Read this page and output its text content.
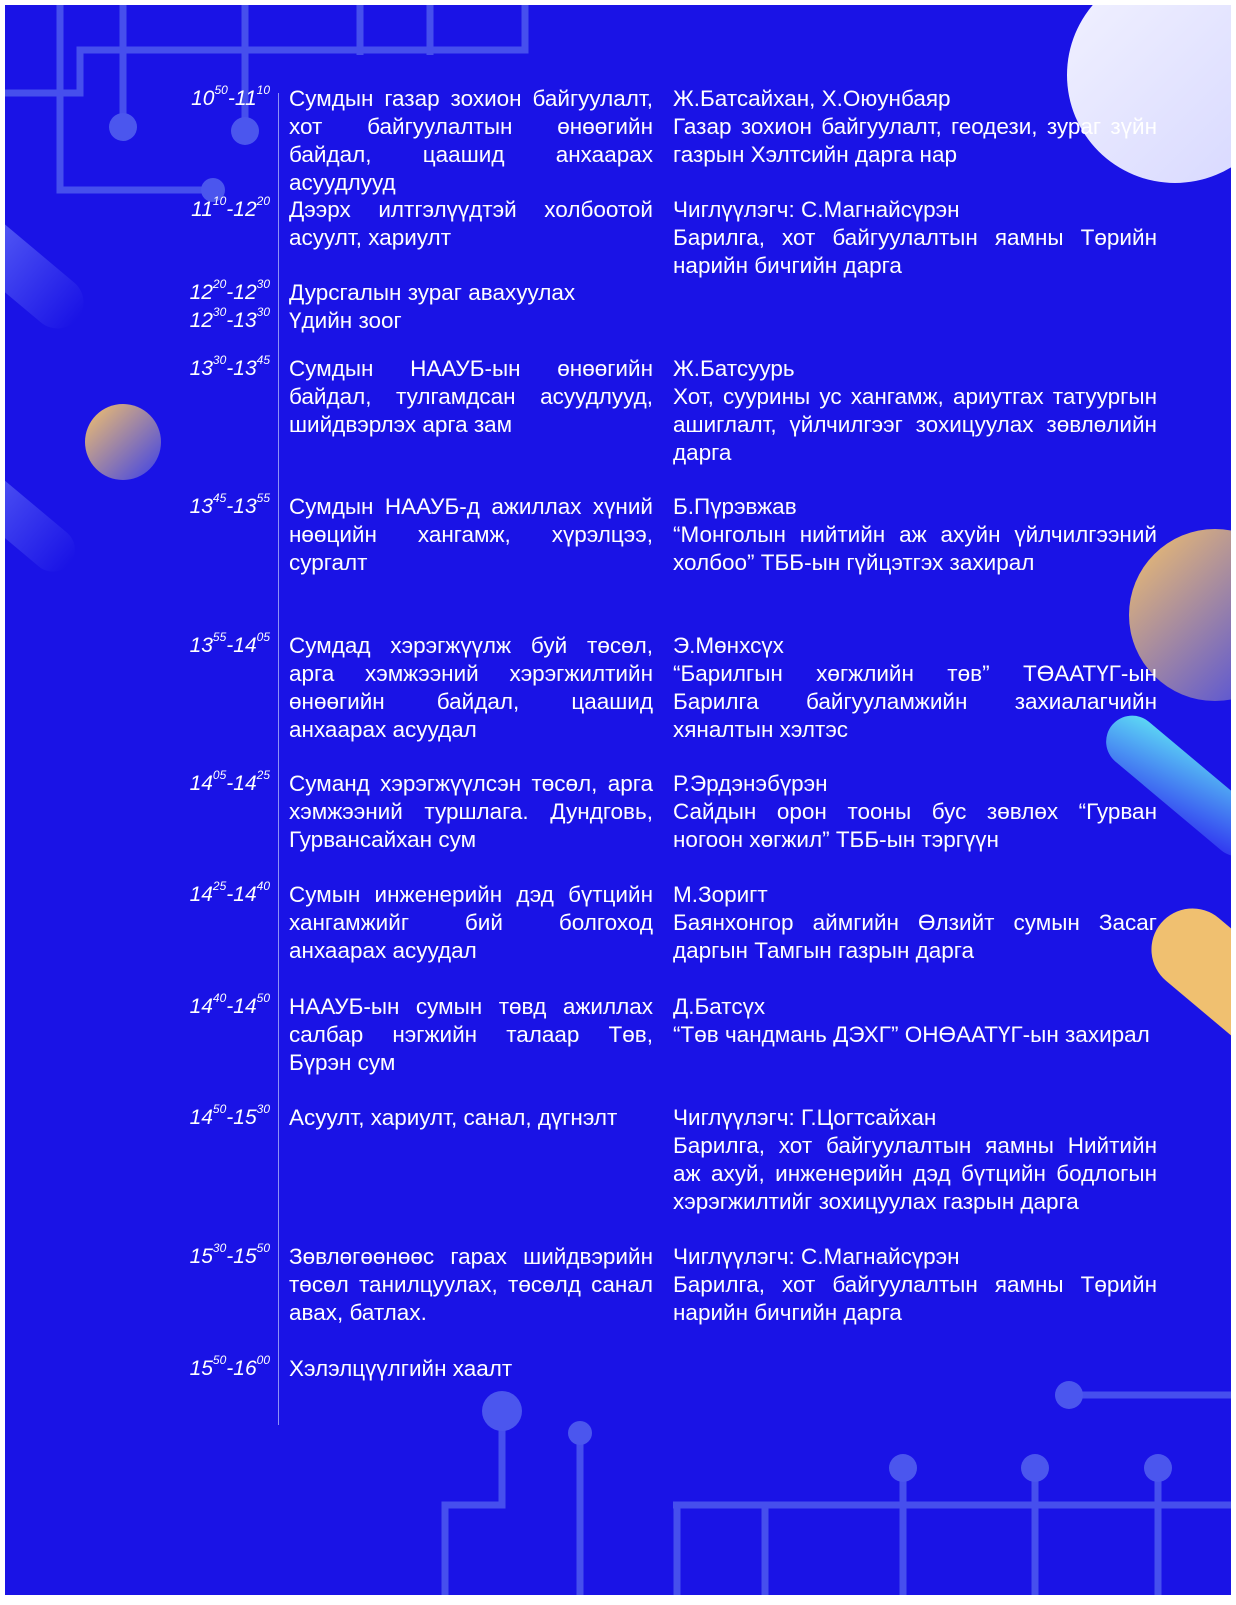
$10^{50}-11^{10}$ Сумдын газар зохион байгуулалт, хот байгуулалтын өнөөгийн байдал, цаашид анхаарах асуудлууд
Ж.Батсайхан, Х.Оюунбаяр
Газар зохион байгуулалт, геодези, зураг зүйн газрын Хэлтсийн дарга нар
$11^{10}-12^{20}$ Дээрх илтгэлүүдтэй холбоотой асуулт, хариулт
Чиглүүлэгч: С.Магнайсүрэн
Барилга, хот байгуулалтын яамны Төрийн нарийн бичгийн дарга
$12^{20}-12^{30}$ Дурсгалын зураг авахуулах
$12^{30}-13^{30}$ Үдийн зоог
$13^{30}-13^{45}$ Сумдын НААУБ-ын өнөөгийн байдал, тулгамдсан асуудлууд, шийдвэрлэх арга зам
Ж.Батсуурь
Хот, суурины ус хангамж, ариутгах татуургын ашиглалт, үйлчилгээг зохицуулах зөвлөлийн дарга
$13^{45}-13^{55}$ Сумдын НААУБ-д ажиллах хүний нөөцийн хангамж, хүрэлцээ, сургалт
Б.Пүрэвжав
“Монголын нийтийн аж ахуйн үйлчилгээний холбоо” ТББ-ын гүйцэтгэх захирал
$13^{55}-14^{05}$ Сумдад хэрэгжүүлж буй төсөл, арга хэмжээний хэрэгжилтийн өнөөгийн байдал, цаашид анхаарах асуудал
Э.Мөнхсүх
“Барилгын хөгжлийн төв” ТӨААТҮГ-ын Барилга байгууламжийн захиалагчийн хяналтын хэлтэс
$14^{05}-14^{25}$ Суманд хэрэгжүүлсэн төсөл, арга хэмжээний туршлага. Дундговь, Гурвансайхан сум
Р.Эрдэнэбүрэн
Сайдын орон тооны бус зөвлөх “Гурван ногоон хөгжил” ТББ-ын тэргүүн
$14^{25}-14^{40}$ Сумын инженерийн дэд бүтцийн хангамжийг бий болгоход анхаарах асуудал
М.Зоригт
Баянхонгор аймгийн Өлзийт сумын Засаг даргын Тамгын газрын дарга
$14^{40}-14^{50}$ НААУБ-ын сумын төвд ажиллах салбар нэгжийн талаар Төв, Бүрэн сум
Д.Батсүх
“Төв чандмань ДЭХГ” ОНӨААТҮГ-ын захирал
$14^{50}-15^{30}$ Асуулт, хариулт, санал, дүгнэлт	Чиглүүлэгч: Г.Цогтсайхан
Барилга, хот байгуулалтын яамны Нийтийн аж ахуй, инженерийн дэд бүтцийн бодлогын хэрэгжилтийг зохицуулах газрын дарга
$15^{30}-15^{50}$ Зөвлөгөөнөөс гарах шийдвэрийн төсөл танилцуулах, төсөлд санал авах, батлах.
Чиглүүлэгч: С.Магнайсүрэн
Барилга, хот байгуулалтын яамны Төрийн нарийн бичгийн дарга
$15^{50}-16^{00}$ Хэлэлцүүлгийн хаалт
